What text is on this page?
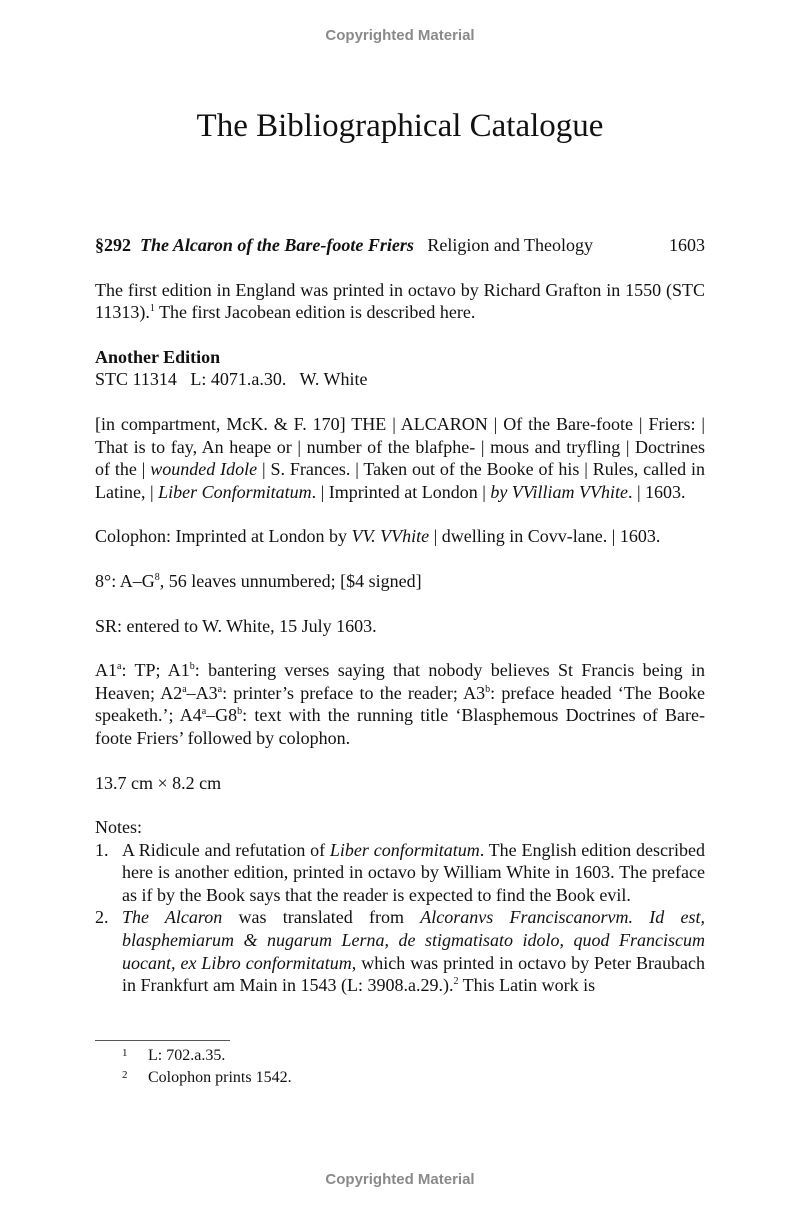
Copyrighted Material
The Bibliographical Catalogue
§292 The Alcaron of the Bare-foote Friers Religion and Theology	1603

The first edition in England was printed in octavo by Richard Grafton in 1550 (STC 11313).$^1$ The first Jacobean edition is described here.

Another Edition
STC 11314   L: 4071.a.30.   W. White

[in compartment, McK. & F. 170] THE | ALCARON | Of the Bare-foote | Friers: | That is to fay, An heape or | number of the blafphe- | mous and tryfling | Doctrines of the | wounded Idole | S. Frances. | Taken out of the Booke of his | Rules, called in Latine, | Liber Conformitatum. | Imprinted at London | by VVilliam VVhite. | 1603.

Colophon: Imprinted at London by VV. VVhite | dwelling in Covv-lane. | 1603.

8°: $A-G^8$, 56 leaves unnumbered; [$4 signed]

SR: entered to W. White, 15 July 1603.

A1$^a$: TP; A1$^b$: bantering verses saying that nobody believes St Francis being in Heaven; A2$^a$–A3$^a$: printer’s preface to the reader; A3$^b$: preface headed ‘The Booke speaketh.’; A4$^a$–G8$^b$: text with the running title ‘Blasphemous Doctrines of Bare-foote Friers’ followed by colophon.

13.7 cm × 8.2 cm

Notes:
1. A Ridicule and refutation of Liber conformitatum. The English edition described here is another edition, printed in octavo by William White in 1603. The preface as if by the Book says that the reader is expected to find the Book evil.
2. The Alcaron was translated from Alcoranvs Franciscanorvm. Id est, blasphemiarum & nugarum Lerna, de stigmatisato idolo, quod Franciscum uocant, ex Libro conformitatum, which was printed in octavo by Peter Braubach in Frankfurt am Main in 1543 (L: 3908.a.29.).$^2$ This Latin work is
1	L: 702.a.35.
2	Colophon prints 1542.
Copyrighted Material
